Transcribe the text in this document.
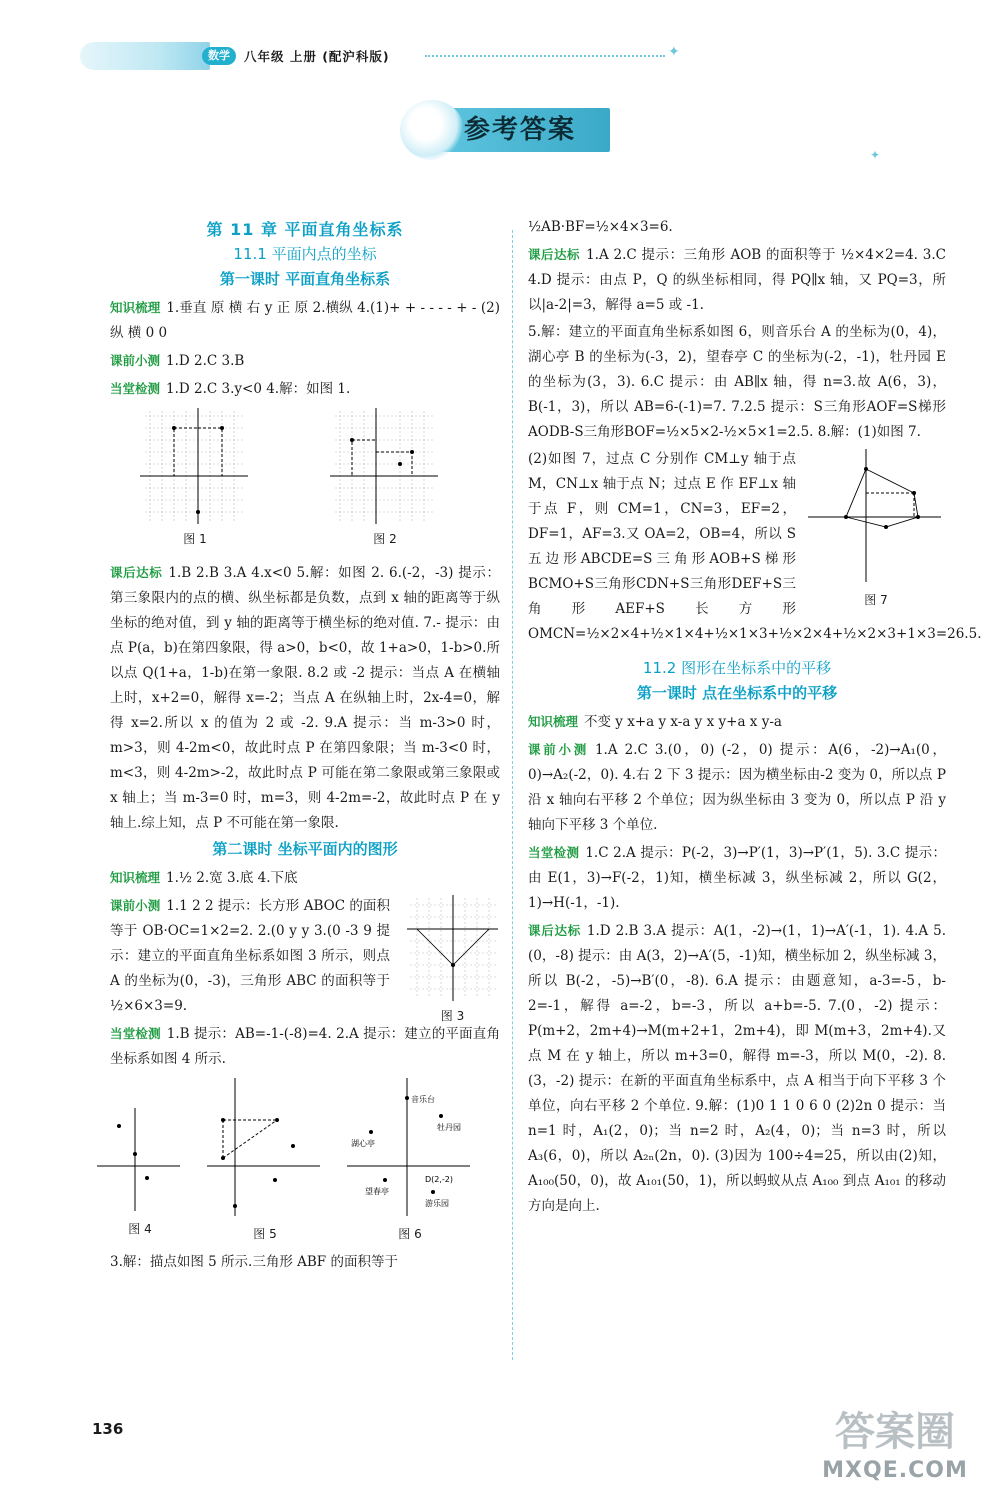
数学	八年级 上册 (配沪科版)	✦
✦
参考答案
第 11 章 平面直角坐标系
11.1 平面内点的坐标
第一课时 平面直角坐标系
知识梳理 1.垂直 原 横 右 y 正 原 2.横纵 4.(1)+ + - - - - + - (2)纵 横 0 0
课前小测 1.D 2.C 3.B
当堂检测 1.D 2.C 3.y<0 4.解：如图 1.
图 1	图 2
课后达标 1.B 2.B 3.A 4.x<0 5.解：如图 2. 6.(-2，-3) 提示：第三象限内的点的横、纵坐标都是负数，点到 x 轴的距离等于纵坐标的绝对值，到 y 轴的距离等于横坐标的绝对值. 7.- 提示：由点 P(a，b)在第四象限，得 a>0，b<0，故 1+a>0，1-b>0.所以点 Q(1+a，1-b)在第一象限. 8.2 或 -2 提示：当点 A 在横轴上时，x+2=0，解得 x=-2；当点 A 在纵轴上时，2x-4=0，解得 x=2.所以 x 的值为 2 或 -2. 9.A 提示：当 m-3>0 时，m>3，则 4-2m<0，故此时点 P 在第四象限；当 m-3<0 时，m<3，则 4-2m>-2，故此时点 P 可能在第二象限或第三象限或 x 轴上；当 m-3=0 时，m=3，则 4-2m=-2，故此时点 P 在 y 轴上.综上知，点 P 不可能在第一象限.
第二课时 坐标平面内的图形
知识梳理 1.½ 2.宽 3.底 4.下底
图 3
课前小测 1.1 2 2 提示：长方形 ABOC 的面积等于 OB·OC=1×2=2. 2.(0 y y 3.(0 -3 9 提示：建立的平面直角坐标系如图 3 所示，则点 A 的坐标为(0，-3)，三角形 ABC 的面积等于 ½×6×3=9.
当堂检测 1.B 提示：AB=-1-(-8)=4. 2.A 提示：建立的平面直角坐标系如图 4 所示.
图 4	图 5
音乐台
牡丹园
湖心亭
望春亭
D(2,-2)
游乐园
图 6
3.解：描点如图 5 所示.三角形 ABF 的面积等于
½AB·BF=½×4×3=6.
课后达标 1.A 2.C 提示：三角形 AOB 的面积等于 ½×4×2=4. 3.C 4.D 提示：由点 P，Q 的纵坐标相同，得 PQ∥x 轴，又 PQ=3，所以|a-2|=3，解得 a=5 或 -1.
5.解：建立的平面直角坐标系如图 6，则音乐台 A 的坐标为(0，4)，湖心亭 B 的坐标为(-3，2)，望春亭 C 的坐标为(-2，-1)，牡丹园 E 的坐标为(3，3). 6.C 提示：由 AB∥x 轴，得 n=3.故 A(6，3)，B(-1，3)，所以 AB=6-(-1)=7. 7.2.5 提示：S三角形AOF=S梯形AODB-S三角形BOF=½×5×2-½×5×1=2.5. 8.解：(1)如图 7.
图 7
(2)如图 7，过点 C 分别作 CM⊥y 轴于点 M，CN⊥x 轴于点 N；过点 E 作 EF⊥x 轴于点 F，则 CM=1，CN=3，EF=2，DF=1，AF=3.又 OA=2，OB=4，所以 S五边形ABCDE=S三角形AOB+S梯形BCMO+S三角形CDN+S三角形DEF+S三角形AEF+S长方形OMCN=½×2×4+½×1×4+½×1×3+½×2×4+½×2×3+1×3=26.5.
11.2 图形在坐标系中的平移
第一课时 点在坐标系中的平移
知识梳理 不变 y x+a y x-a y x y+a x y-a
课前小测 1.A 2.C 3.(0，0) (-2，0) 提示：A(6，-2)→A₁(0，0)→A₂(-2，0). 4.右 2 下 3 提示：因为横坐标由-2 变为 0，所以点 P 沿 x 轴向右平移 2 个单位；因为纵坐标由 3 变为 0，所以点 P 沿 y 轴向下平移 3 个单位.
当堂检测 1.C 2.A 提示：P(-2，3)→P′(1，3)→P′(1，5). 3.C 提示：由 E(1，3)→F(-2，1)知，横坐标减 3，纵坐标减 2，所以 G(2，1)→H(-1，-1).
课后达标 1.D 2.B 3.A 提示：A(1，-2)→(1，1)→A′(-1，1). 4.A 5.(0，-8) 提示：由 A(3，2)→A′(5，-1)知，横坐标加 2，纵坐标减 3，所以 B(-2，-5)→B′(0，-8). 6.A 提示：由题意知，a-3=-5，b-2=-1，解得 a=-2，b=-3，所以 a+b=-5. 7.(0，-2) 提示：P(m+2，2m+4)→M(m+2+1，2m+4)，即 M(m+3，2m+4).又点 M 在 y 轴上，所以 m+3=0，解得 m=-3，所以 M(0，-2). 8.(3，-2) 提示：在新的平面直角坐标系中，点 A 相当于向下平移 3 个单位，向右平移 2 个单位. 9.解：(1)0 1 1 0 6 0 (2)2n 0 提示：当 n=1 时，A₁(2，0)；当 n=2 时，A₂(4，0)；当 n=3 时，所以 A₃(6，0)，所以 A₂ₙ(2n，0). (3)因为 100÷4=25，所以由(2)知，A₁₀₀(50，0)，故 A₁₀₁(50，1)，所以蚂蚁从点 A₁₀₀ 到点 A₁₀₁ 的移动方向是向上.
136	答案圈
MXQE.COM
